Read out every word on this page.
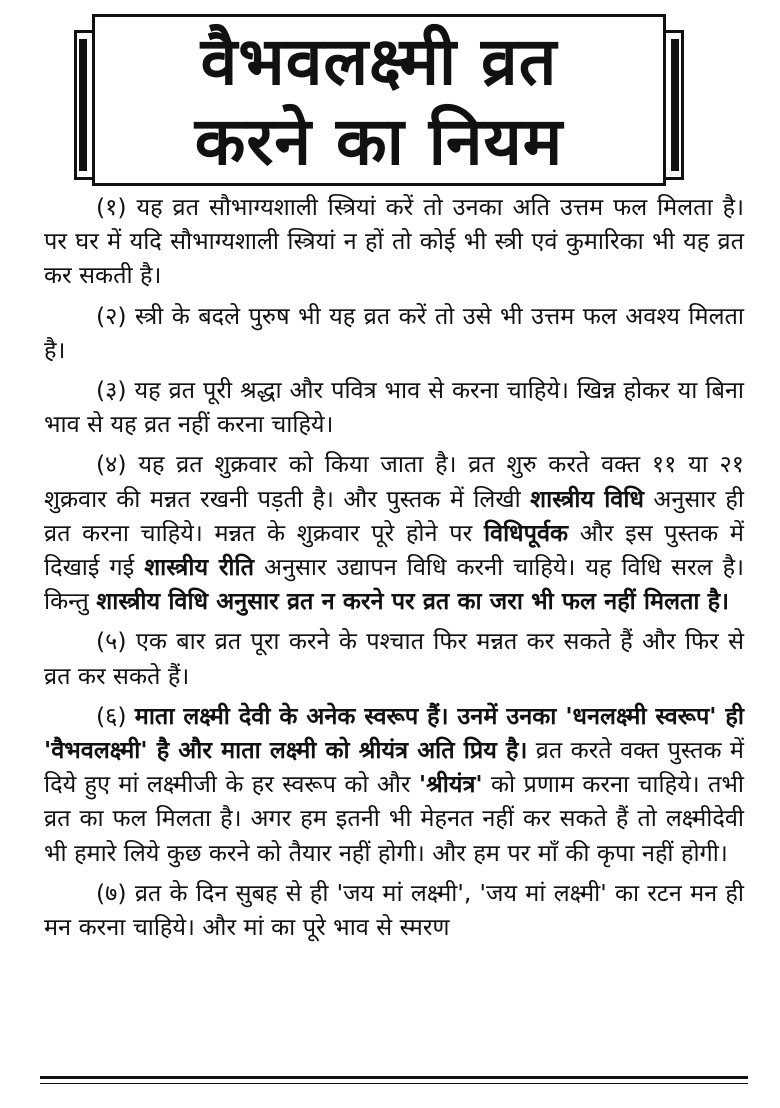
वैभवलक्ष्मी व्रत
करने का नियम

(१) यह व्रत सौभाग्यशाली स्त्रियां करें तो उनका अति उत्तम फल मिलता है। पर घर में यदि सौभाग्यशाली स्त्रियां न हों तो कोई भी स्त्री एवं कुमारिका भी यह व्रत कर सकती है।

(२) स्त्री के बदले पुरुष भी यह व्रत करें तो उसे भी उत्तम फल अवश्य मिलता है।

(३) यह व्रत पूरी श्रद्धा और पवित्र भाव से करना चाहिये। खिन्न होकर या बिना भाव से यह व्रत नहीं करना चाहिये।

(४) यह व्रत शुक्रवार को किया जाता है। व्रत शुरु करते वक्त ११ या २१ शुक्रवार की मन्नत रखनी पड़ती है। और पुस्तक में लिखी शास्त्रीय विधि अनुसार ही व्रत करना चाहिये। मन्नत के शुक्रवार पूरे होने पर विधिपूर्वक और इस पुस्तक में दिखाई गई शास्त्रीय रीति अनुसार उद्यापन विधि करनी चाहिये। यह विधि सरल है। किन्तु शास्त्रीय विधि अनुसार व्रत न करने पर व्रत का जरा भी फल नहीं मिलता है।

(५) एक बार व्रत पूरा करने के पश्चात फिर मन्नत कर सकते हैं और फिर से व्रत कर सकते हैं।

(६) माता लक्ष्मी देवी के अनेक स्वरूप हैं। उनमें उनका 'धनलक्ष्मी स्वरूप' ही 'वैभवलक्ष्मी' है और माता लक्ष्मी को श्रीयंत्र अति प्रिय है। व्रत करते वक्त पुस्तक में दिये हुए मां लक्ष्मीजी के हर स्वरूप को और 'श्रीयंत्र' को प्रणाम करना चाहिये। तभी व्रत का फल मिलता है। अगर हम इतनी भी मेहनत नहीं कर सकते हैं तो लक्ष्मीदेवी भी हमारे लिये कुछ करने को तैयार नहीं होगी। और हम पर माँ की कृपा नहीं होगी।

(७) व्रत के दिन सुबह से ही 'जय मां लक्ष्मी', 'जय मां लक्ष्मी' का रटन मन ही मन करना चाहिये। और मां का पूरे भाव से स्मरण
